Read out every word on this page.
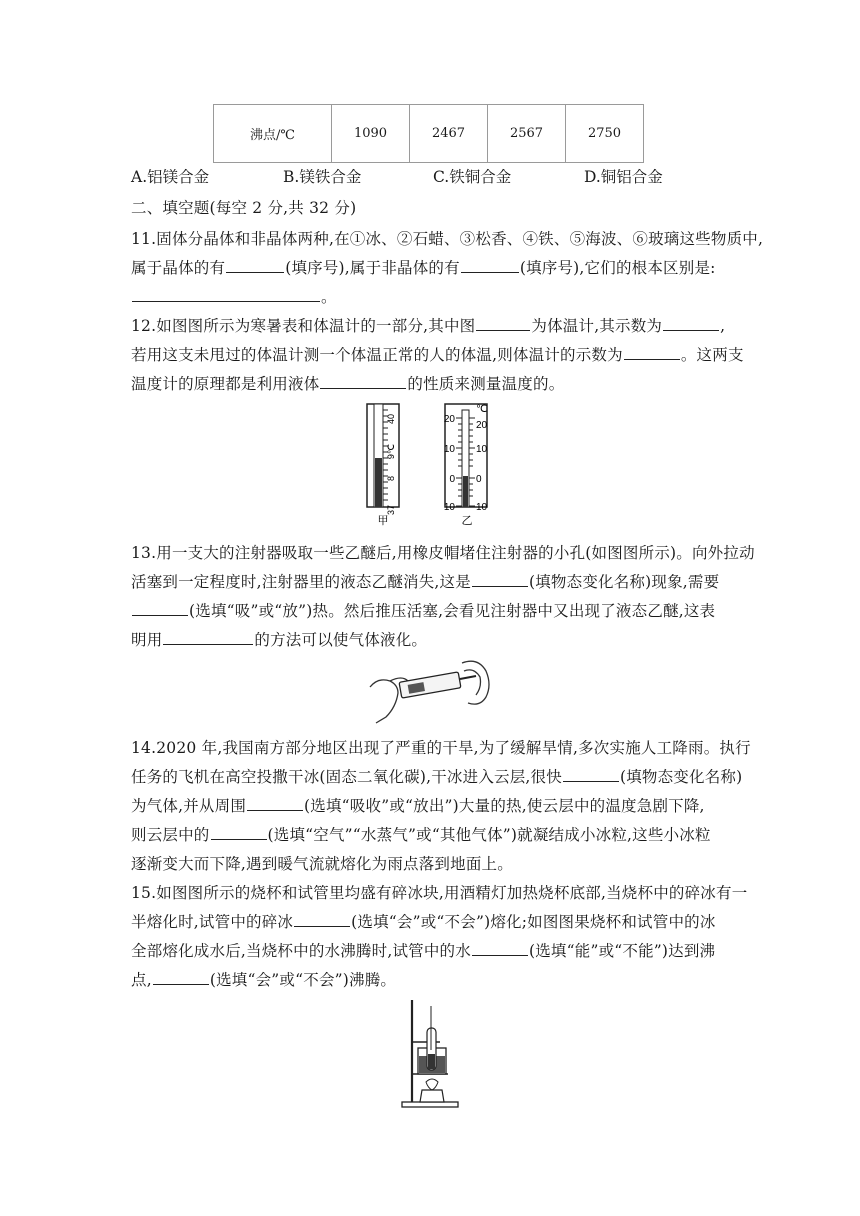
沸点/℃	1090	2467	2567	2750
A.铝镁合金	B.镁铁合金	C.铁铜合金	D.铜铝合金
二、填空题(每空 2 分,共 32 分)
11.固体分晶体和非晶体两种,在①冰、②石蜡、③松香、④铁、⑤海波、⑥玻璃这些物质中,
属于晶体的有	(填序号),属于非晶体的有	(填序号),它们的根本区别是:
。
12.如图图所示为寒暑表和体温计的一部分,其中图	为体温计,其示数为	,
若用这支未甩过的体温计测一个体温正常的人的体温,则体温计的示数为	。这两支
温度计的原理都是利用液体	的性质来测量温度的。
40
9℃
8
37
甲
℃
20
10
0
10
20
10
0
10
乙
13.用一支大的注射器吸取一些乙醚后,用橡皮帽堵住注射器的小孔(如图图所示)。向外拉动
活塞到一定程度时,注射器里的液态乙醚消失,这是	(填物态变化名称)现象,需要
(选填“吸”或“放”)热。然后推压活塞,会看见注射器中又出现了液态乙醚,这表
明用	的方法可以使气体液化。
14.2020 年,我国南方部分地区出现了严重的干旱,为了缓解旱情,多次实施人工降雨。执行
任务的飞机在高空投撒干冰(固态二氧化碳),干冰进入云层,很快	(填物态变化名称)
为气体,并从周围	(选填“吸收”或“放出”)大量的热,使云层中的温度急剧下降,
则云层中的	(选填“空气”“水蒸气”或“其他气体”)就凝结成小冰粒,这些小冰粒
逐渐变大而下降,遇到暖气流就熔化为雨点落到地面上。
15.如图图所示的烧杯和试管里均盛有碎冰块,用酒精灯加热烧杯底部,当烧杯中的碎冰有一
半熔化时,试管中的碎冰	(选填“会”或“不会”)熔化;如图图果烧杯和试管中的冰
全部熔化成水后,当烧杯中的水沸腾时,试管中的水	(选填“能”或“不能”)达到沸
点,	(选填“会”或“不会”)沸腾。
